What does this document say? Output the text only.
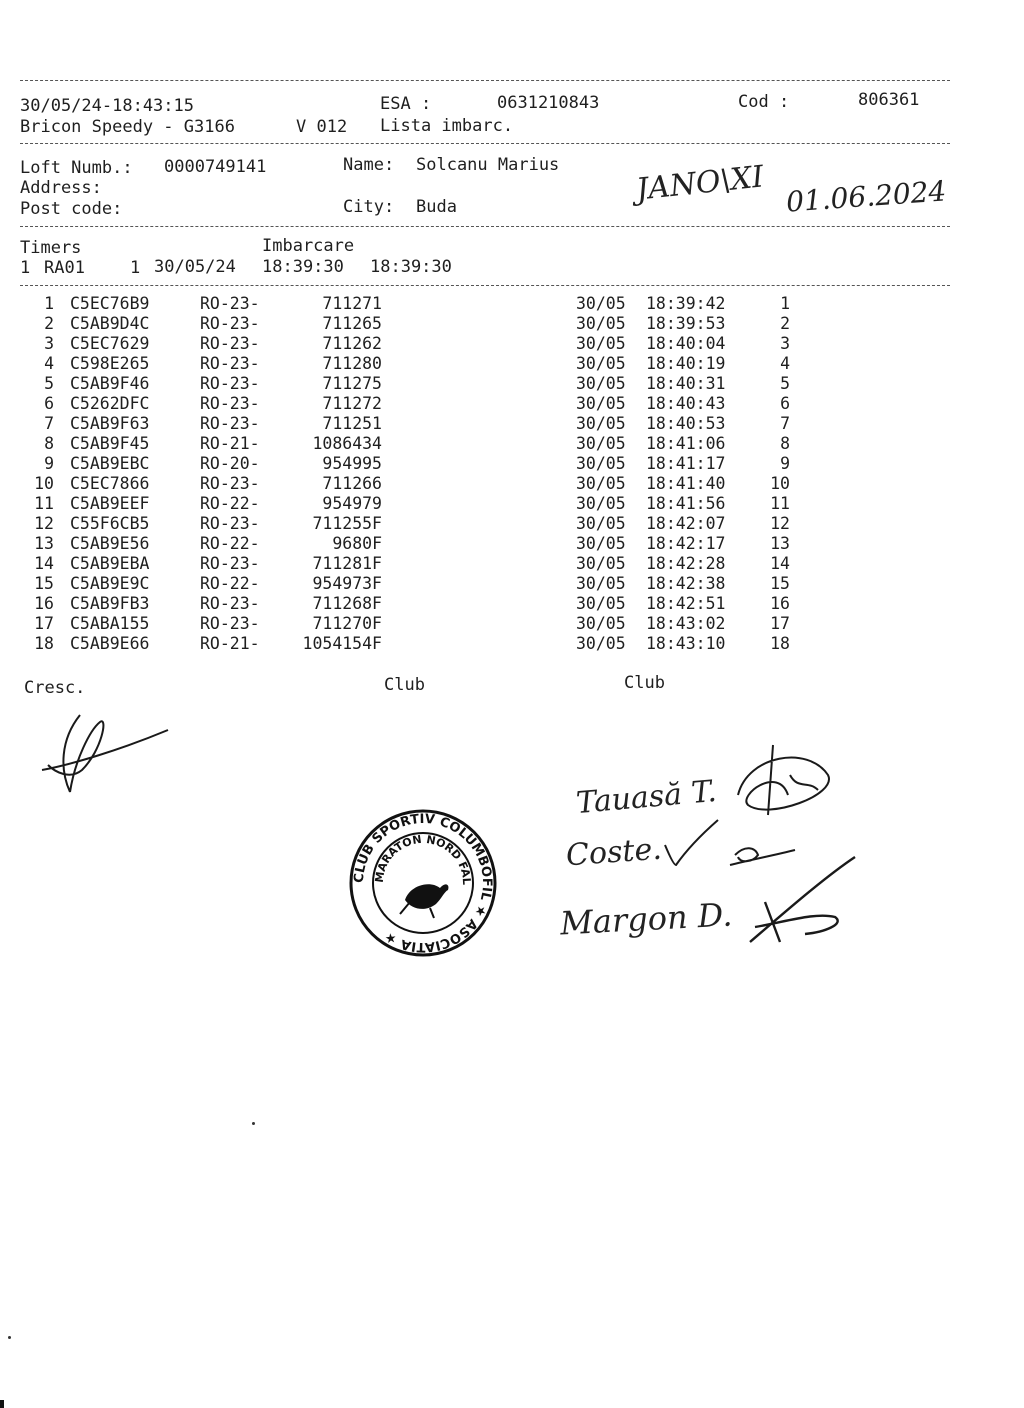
30/05/24-18:43:15	ESA :	0631210843	Cod :	806361
Bricon Speedy - G3166	V 012 Lista imbarc.
Loft Numb.: 0000749141	Name: Solcanu Marius
Address:
Post code:	City: Buda	JANO\XI 01.06.2024
Timers	Imbarcare
1 RA01	1 30/05/24 18:39:30 18:39:30
1 C5EC76B9	RO-23-	711271	30/05 18:39:42	1
2 C5AB9D4C	RO-23-	711265	30/05 18:39:53	2
3 C5EC7629	RO-23-	711262	30/05 18:40:04	3
4 C598E265	RO-23-	711280	30/05 18:40:19	4
5 C5AB9F46	RO-23-	711275	30/05 18:40:31	5
6 C5262DFC	RO-23-	711272	30/05 18:40:43	6
7 C5AB9F63	RO-23-	711251	30/05 18:40:53	7
8 C5AB9F45	RO-21-	1086434	30/05 18:41:06	8
9 C5AB9EBC	RO-20-	954995	30/05 18:41:17	9
10 C5EC7866	RO-23-	711266	30/05 18:41:40	10
11 C5AB9EEF	RO-22-	954979	30/05 18:41:56	11
12 C55F6CB5	RO-23-	711255F	30/05 18:42:07	12
13 C5AB9E56	RO-22-	9680F	30/05 18:42:17	13
14 C5AB9EBA	RO-23-	711281F	30/05 18:42:28	14
15 C5AB9E9C	RO-22-	954973F	30/05 18:42:38	15
16 C5AB9FB3	RO-23-	711268F	30/05 18:42:51	16
17 C5ABA155	RO-23-	711270F	30/05 18:43:02	17
18 C5AB9E66	RO-21-	1054154F	30/05 18:43:10	18
Cresc.	Club	Club
Tauasă T.
Coste.
Margon D.
CLUB SPORTIV COLUMBOFIL ★ ASOCIATIA ★
MARATON NORD FALTICENI
